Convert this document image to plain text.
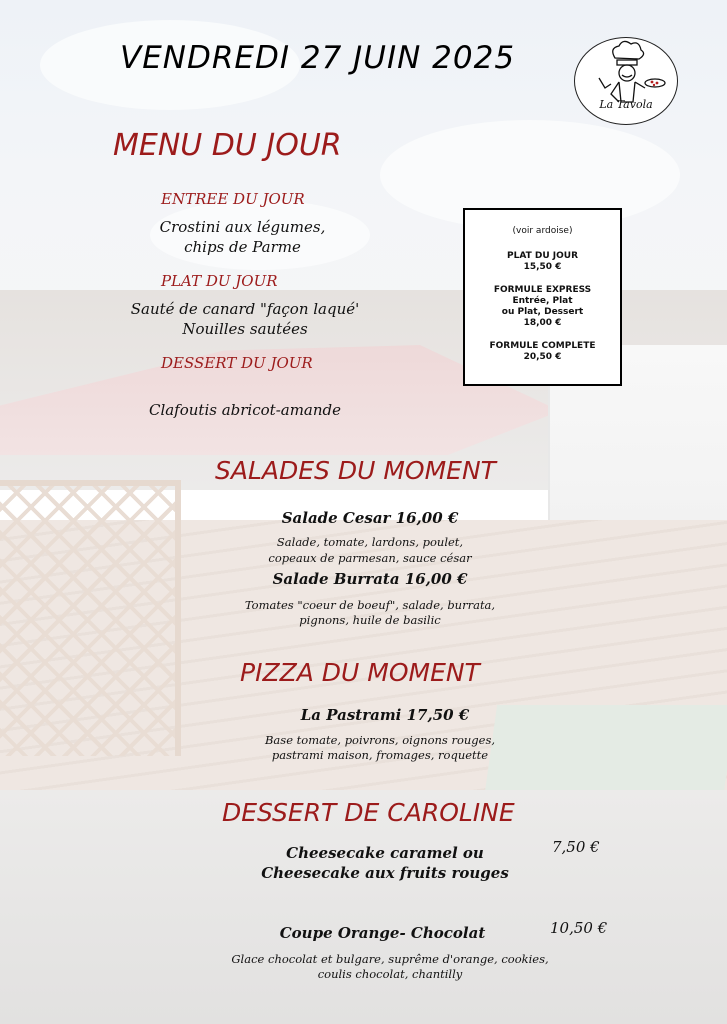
VENDREDI 27 JUIN 2025
La Tavola
MENU DU JOUR
ENTREE DU JOUR
Crostini aux légumes,
chips de Parme
PLAT DU JOUR
Sauté de canard "façon laqué'
Nouilles sautées
DESSERT DU JOUR
Clafoutis abricot-amande
(voir ardoise)
PLAT DU JOUR
15,50 €
FORMULE EXPRESS
Entrée, Plat
ou Plat, Dessert
18,00 €
FORMULE COMPLETE
20,50 €
SALADES DU MOMENT
Salade Cesar 16,00 €
Salade, tomate, lardons, poulet,
copeaux de parmesan, sauce césar
Salade Burrata 16,00 €
Tomates "coeur de boeuf", salade, burrata,
pignons, huile de basilic
PIZZA DU MOMENT
La Pastrami 17,50 €
Base tomate, poivrons, oignons rouges,
pastrami maison, fromages, roquette
DESSERT DE CAROLINE
Cheesecake caramel ou
Cheesecake aux fruits rouges
7,50 €
Coupe Orange- Chocolat	10,50 €
Glace chocolat et bulgare, suprême d'orange, cookies,
coulis chocolat, chantilly
